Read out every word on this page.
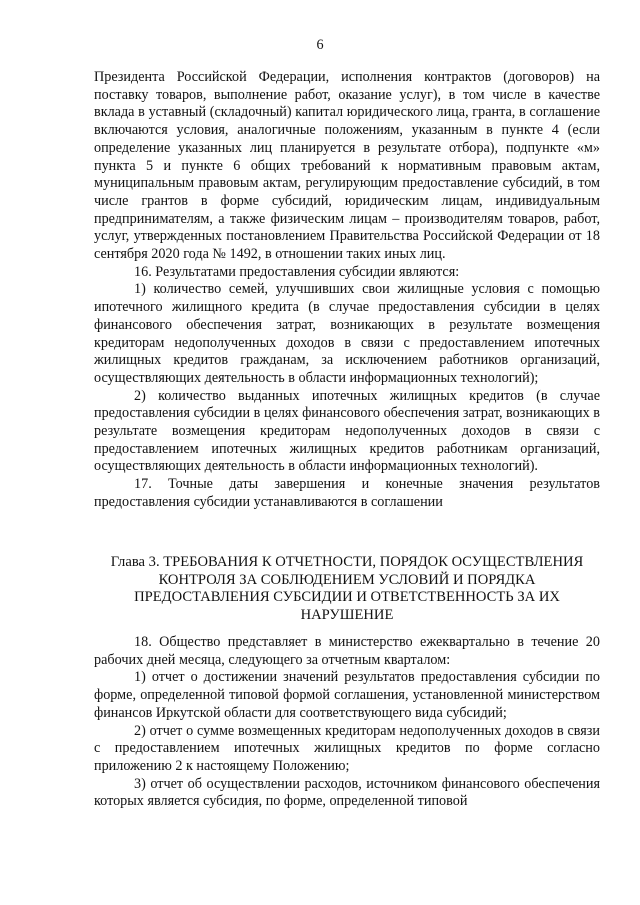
6

Президента Российской Федерации, исполнения контрактов (договоров) на поставку товаров, выполнение работ, оказание услуг), в том числе в качестве вклада в уставный (складочный) капитал юридического лица, гранта, в соглашение включаются условия, аналогичные положениям, указанным в пункте 4 (если определение указанных лиц планируется в результате отбора), подпункте «м» пункта 5 и пункте 6 общих требований к нормативным правовым актам, муниципальным правовым актам, регулирующим предоставление субсидий, в том числе грантов в форме субсидий, юридическим лицам, индивидуальным предпринимателям, а также физическим лицам – производителям товаров, работ, услуг, утвержденных постановлением Правительства Российской Федерации от 18 сентября 2020 года № 1492, в отношении таких иных лиц.

16. Результатами предоставления субсидии являются:

1) количество семей, улучшивших свои жилищные условия с помощью ипотечного жилищного кредита (в случае предоставления субсидии в целях финансового обеспечения затрат, возникающих в результате возмещения кредиторам недополученных доходов в связи с предоставлением ипотечных жилищных кредитов гражданам, за исключением работников организаций, осуществляющих деятельность в области информационных технологий);

2) количество выданных ипотечных жилищных кредитов (в случае предоставления субсидии в целях финансового обеспечения затрат, возникающих в результате возмещения кредиторам недополученных доходов в связи с предоставлением ипотечных жилищных кредитов работникам организаций, осуществляющих деятельность в области информационных технологий).

17. Точные даты завершения и конечные значения результатов предоставления субсидии устанавливаются в соглашении

Глава 3. ТРЕБОВАНИЯ К ОТЧЕТНОСТИ, ПОРЯДОК ОСУЩЕСТВЛЕНИЯ
КОНТРОЛЯ ЗА СОБЛЮДЕНИЕМ УСЛОВИЙ И ПОРЯДКА
ПРЕДОСТАВЛЕНИЯ СУБСИДИИ И ОТВЕТСТВЕННОСТЬ ЗА ИХ
НАРУШЕНИЕ

18. Общество представляет в министерство ежеквартально в течение 20 рабочих дней месяца, следующего за отчетным кварталом:

1) отчет о достижении значений результатов предоставления субсидии по форме, определенной типовой формой соглашения, установленной министерством финансов Иркутской области для соответствующего вида субсидий;

2) отчет о сумме возмещенных кредиторам недополученных доходов в связи с предоставлением ипотечных жилищных кредитов по форме согласно приложению 2 к настоящему Положению;

3) отчет об осуществлении расходов, источником финансового обеспечения которых является субсидия, по форме, определенной типовой
